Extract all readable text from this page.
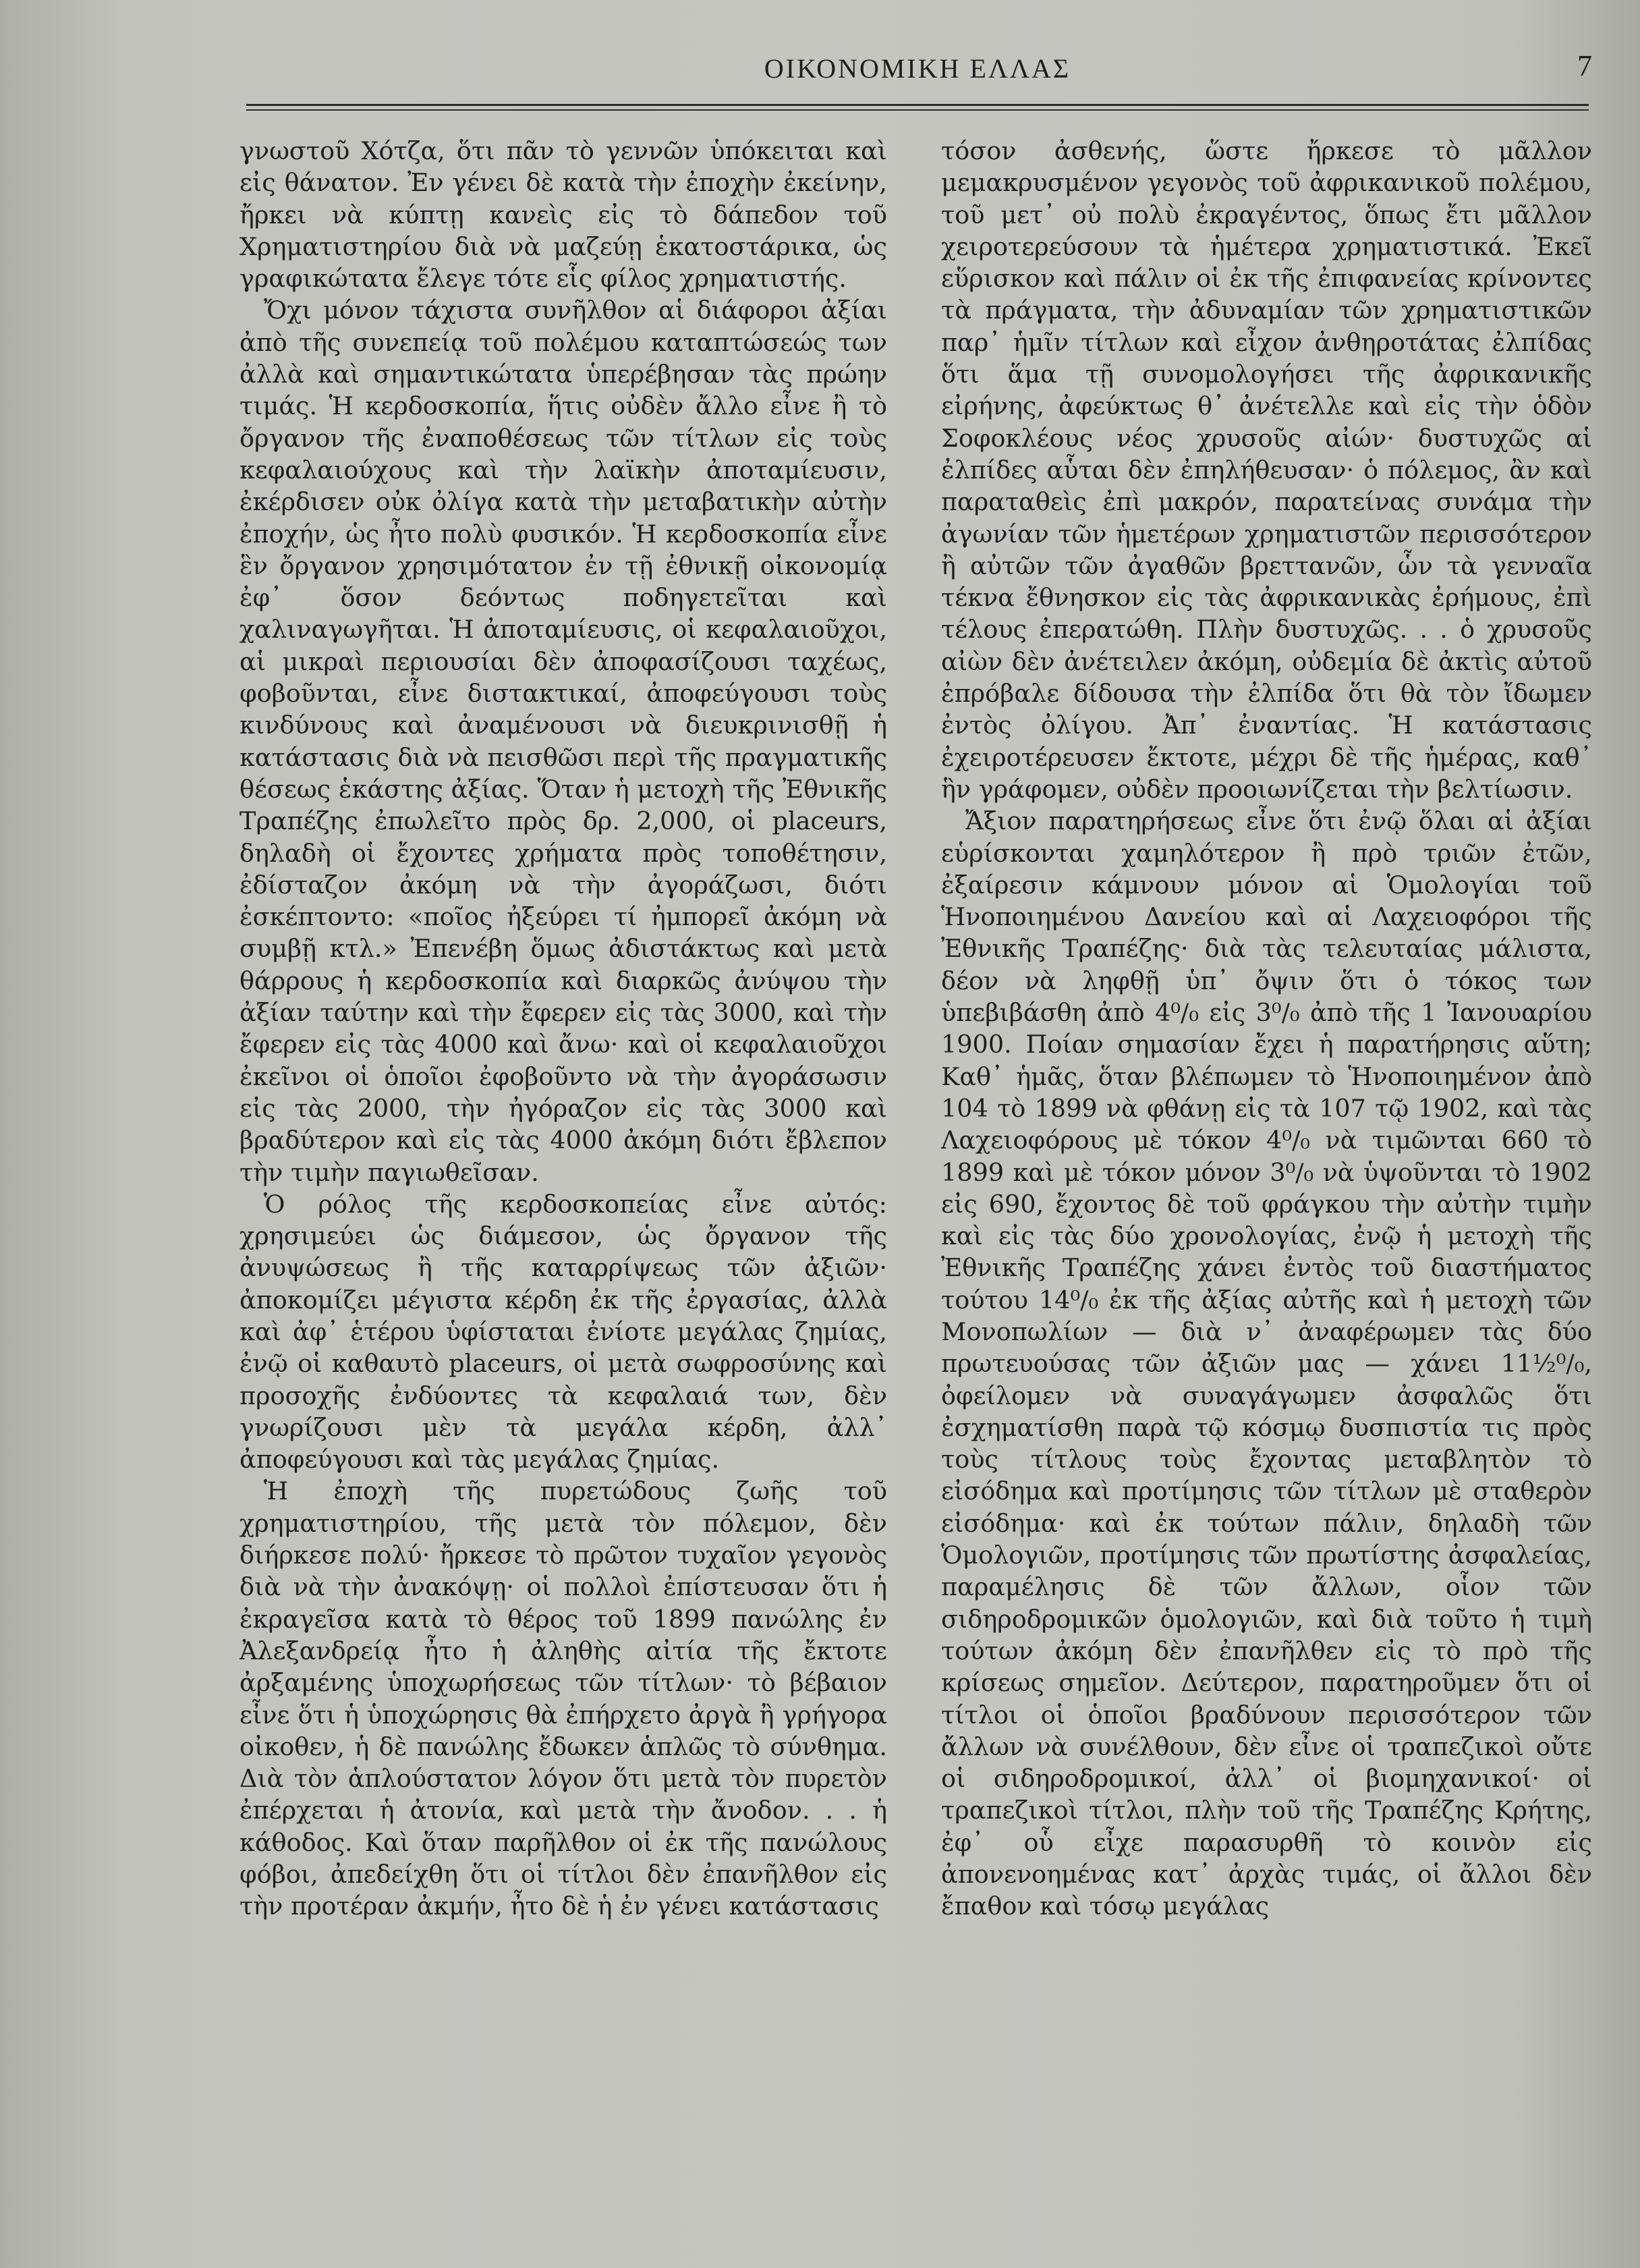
ΟΙΚΟΝΟΜΙΚΗ ΕΛΛΑΣ	7

γνωστοῦ Χότζα, ὅτι πᾶν τὸ γεννῶν ὑπόκειται καὶ εἰς θάνατον. Ἐν γένει δὲ κατὰ τὴν ἐποχὴν ἐκείνην, ἤρκει νὰ κύπτῃ κανεὶς εἰς τὸ δάπεδον τοῦ Χρηματιστηρίου διὰ νὰ μαζεύῃ ἑκατοστάρικα, ὡς γραφικώτατα ἔλεγε τότε εἷς φίλος χρηματιστής.

Ὄχι μόνον τάχιστα συνῆλθον αἱ διάφοροι ἀξίαι ἀπὸ τῆς συνεπείᾳ τοῦ πολέμου καταπτώσεώς των ἀλλὰ καὶ σημαντικώτατα ὑπερέβησαν τὰς πρώην τιμάς. Ἡ κερδοσκοπία, ἥτις οὐδὲν ἄλλο εἶνε ἢ τὸ ὄργανον τῆς ἐναποθέσεως τῶν τίτλων εἰς τοὺς κεφαλαιούχους καὶ τὴν λαϊκὴν ἀποταμίευσιν, ἐκέρδισεν οὐκ ὀλίγα κατὰ τὴν μεταβατικὴν αὐτὴν ἐποχήν, ὡς ἦτο πολὺ φυσικόν. Ἡ κερδοσκοπία εἶνε ἓν ὄργανον χρησιμότατον ἐν τῇ ἐθνικῇ οἰκονομίᾳ ἐφ᾽ ὅσον δεόντως ποδηγετεῖται καὶ χαλιναγωγῆται. Ἡ ἀποταμίευσις, οἱ κεφαλαιοῦχοι, αἱ μικραὶ περιουσίαι δὲν ἀποφασίζουσι ταχέως, φοβοῦνται, εἶνε διστακτικαί, ἀποφεύγουσι τοὺς κινδύνους καὶ ἀναμένουσι νὰ διευκρινισθῇ ἡ κατάστασις διὰ νὰ πεισθῶσι περὶ τῆς πραγματικῆς θέσεως ἑκάστης ἀξίας. Ὅταν ἡ μετοχὴ τῆς Ἐθνικῆς Τραπέζης ἐπωλεῖτο πρὸς δρ. 2,000, οἱ placeurs, δηλαδὴ οἱ ἔχοντες χρήματα πρὸς τοποθέτησιν, ἐδίσταζον ἀκόμη νὰ τὴν ἀγοράζωσι, διότι ἐσκέπτοντο: «ποῖος ἠξεύρει τί ἠμπορεῖ ἀκόμη νὰ συμβῇ κτλ.» Ἐπενέβη ὅμως ἀδιστάκτως καὶ μετὰ θάρρους ἡ κερδοσκοπία καὶ διαρκῶς ἀνύψου τὴν ἀξίαν ταύτην καὶ τὴν ἔφερεν εἰς τὰς 3000, καὶ τὴν ἔφερεν εἰς τὰς 4000 καὶ ἄνω· καὶ οἱ κεφαλαιοῦχοι ἐκεῖνοι οἱ ὁποῖοι ἐφοβοῦντο νὰ τὴν ἀγοράσωσιν εἰς τὰς 2000, τὴν ἠγόραζον εἰς τὰς 3000 καὶ βραδύτερον καὶ εἰς τὰς 4000 ἀκόμη διότι ἔβλεπον τὴν τιμὴν παγιωθεῖσαν.

Ὁ ρόλος τῆς κερδοσκοπείας εἶνε αὐτός: χρησιμεύει ὡς διάμεσον, ὡς ὄργανον τῆς ἀνυψώσεως ἢ τῆς καταρρίψεως τῶν ἀξιῶν· ἀποκομίζει μέγιστα κέρδη ἐκ τῆς ἐργασίας, ἀλλὰ καὶ ἀφ᾽ ἑτέρου ὑφίσταται ἐνίοτε μεγάλας ζημίας, ἐνῷ οἱ καθαυτὸ placeurs, οἱ μετὰ σωφροσύνης καὶ προσοχῆς ἐνδύοντες τὰ κεφαλαιά των, δὲν γνωρίζουσι μὲν τὰ μεγάλα κέρδη, ἀλλ᾽ ἀποφεύγουσι καὶ τὰς μεγάλας ζημίας.

Ἡ ἐποχὴ τῆς πυρετώδους ζωῆς τοῦ χρηματιστηρίου, τῆς μετὰ τὸν πόλεμον, δὲν διήρκεσε πολύ· ἤρκεσε τὸ πρῶτον τυχαῖον γεγονὸς διὰ νὰ τὴν ἀνακόψῃ· οἱ πολλοὶ ἐπίστευσαν ὅτι ἡ ἐκραγεῖσα κατὰ τὸ θέρος τοῦ 1899 πανώλης ἐν Ἀλεξανδρείᾳ ἦτο ἡ ἀληθὴς αἰτία τῆς ἔκτοτε ἀρξαμένης ὑποχωρήσεως τῶν τίτλων· τὸ βέβαιον εἶνε ὅτι ἡ ὑποχώρησις θὰ ἐπήρχετο ἀργὰ ἢ γρήγορα οἰκοθεν, ἡ δὲ πανώλης ἔδωκεν ἁπλῶς τὸ σύνθημα. Διὰ τὸν ἁπλούστατον λόγον ὅτι μετὰ τὸν πυρετὸν ἐπέρχεται ἡ ἀτονία, καὶ μετὰ τὴν ἄνοδον. . . ἡ κάθοδος. Καὶ ὅταν παρῆλθον οἱ ἐκ τῆς πανώλους φόβοι, ἀπεδείχθη ὅτι οἱ τίτλοι δὲν ἐπανῆλθον εἰς τὴν προτέραν ἀκμήν, ἦτο δὲ ἡ ἐν γένει κατάστασις

τόσον ἀσθενής, ὥστε ἤρκεσε τὸ μᾶλλον μεμακρυσμένον γεγονὸς τοῦ ἀφρικανικοῦ πολέμου, τοῦ μετ᾽ οὐ πολὺ ἐκραγέντος, ὅπως ἔτι μᾶλλον χειροτερεύσουν τὰ ἡμέτερα χρηματιστικά. Ἐκεῖ εὕρισκον καὶ πάλιν οἱ ἐκ τῆς ἐπιφανείας κρίνοντες τὰ πράγματα, τὴν ἀδυναμίαν τῶν χρηματιστικῶν παρ᾽ ἡμῖν τίτλων καὶ εἶχον ἀνθηροτάτας ἐλπίδας ὅτι ἅμα τῇ συνομολογήσει τῆς ἀφρικανικῆς εἰρήνης, ἀφεύκτως θ᾽ ἀνέτελλε καὶ εἰς τὴν ὁδὸν Σοφοκλέους νέος χρυσοῦς αἰών· δυστυχῶς αἱ ἐλπίδες αὗται δὲν ἐπηλήθευσαν· ὁ πόλεμος, ἂν καὶ παραταθεὶς ἐπὶ μακρόν, παρατείνας συνάμα τὴν ἀγωνίαν τῶν ἡμετέρων χρηματιστῶν περισσότερον ἢ αὐτῶν τῶν ἀγαθῶν βρεττανῶν, ὧν τὰ γενναῖα τέκνα ἔθνησκον εἰς τὰς ἀφρικανικὰς ἐρήμους, ἐπὶ τέλους ἐπερατώθη. Πλὴν δυστυχῶς. . . ὁ χρυσοῦς αἰὼν δὲν ἀνέτειλεν ἀκόμη, οὐδεμία δὲ ἀκτὶς αὐτοῦ ἐπρόβαλε δίδουσα τὴν ἐλπίδα ὅτι θὰ τὸν ἴδωμεν ἐντὸς ὀλίγου. Ἀπ᾽ ἐναντίας. Ἡ κατάστασις ἐχειροτέρευσεν ἔκτοτε, μέχρι δὲ τῆς ἡμέρας, καθ᾽ ἣν γράφομεν, οὐδὲν προοιωνίζεται τὴν βελτίωσιν.

Ἄξιον παρατηρήσεως εἶνε ὅτι ἐνῷ ὅλαι αἱ ἀξίαι εὑρίσκονται χαμηλότερον ἢ πρὸ τριῶν ἐτῶν, ἐξαίρεσιν κάμνουν μόνον αἱ Ὁμολογίαι τοῦ Ἡνοποιημένου Δανείου καὶ αἱ Λαχειοφόροι τῆς Ἐθνικῆς Τραπέζης· διὰ τὰς τελευταίας μάλιστα, δέον νὰ ληφθῇ ὑπ᾽ ὄψιν ὅτι ὁ τόκος των ὑπεβιβάσθη ἀπὸ 4⁰/₀ εἰς 3⁰/₀ ἀπὸ τῆς 1 Ἰανουαρίου 1900. Ποίαν σημασίαν ἔχει ἡ παρατήρησις αὕτη; Καθ᾽ ἡμᾶς, ὅταν βλέπωμεν τὸ Ἡνοποιημένον ἀπὸ 104 τὸ 1899 νὰ φθάνῃ εἰς τὰ 107 τῷ 1902, καὶ τὰς Λαχειοφόρους μὲ τόκον 4⁰/₀ νὰ τιμῶνται 660 τὸ 1899 καὶ μὲ τόκον μόνον 3⁰/₀ νὰ ὑψοῦνται τὸ 1902 εἰς 690, ἔχοντος δὲ τοῦ φράγκου τὴν αὐτὴν τιμὴν καὶ εἰς τὰς δύο χρονολογίας, ἐνῷ ἡ μετοχὴ τῆς Ἐθνικῆς Τραπέζης χάνει ἐντὸς τοῦ διαστήματος τούτου 14⁰/₀ ἐκ τῆς ἀξίας αὐτῆς καὶ ἡ μετοχὴ τῶν Μονοπωλίων — διὰ ν᾽ ἀναφέρωμεν τὰς δύο πρωτευούσας τῶν ἀξιῶν μας — χάνει 11½⁰/₀, ὀφείλομεν νὰ συναγάγωμεν ἀσφαλῶς ὅτι ἐσχηματίσθη παρὰ τῷ κόσμῳ δυσπιστία τις πρὸς τοὺς τίτλους τοὺς ἔχοντας μεταβλητὸν τὸ εἰσόδημα καὶ προτίμησις τῶν τίτλων μὲ σταθερὸν εἰσόδημα· καὶ ἐκ τούτων πάλιν, δηλαδὴ τῶν Ὁμολογιῶν, προτίμησις τῶν πρωτίστης ἀσφαλείας, παραμέλησις δὲ τῶν ἄλλων, οἷον τῶν σιδηροδρομικῶν ὁμολογιῶν, καὶ διὰ τοῦτο ἡ τιμὴ τούτων ἀκόμη δὲν ἐπανῆλθεν εἰς τὸ πρὸ τῆς κρίσεως σημεῖον. Δεύτερον, παρατηροῦμεν ὅτι οἱ τίτλοι οἱ ὁποῖοι βραδύνουν περισσότερον τῶν ἄλλων νὰ συνέλθουν, δὲν εἶνε οἱ τραπεζικοὶ οὔτε οἱ σιδηροδρομικοί, ἀλλ᾽ οἱ βιομηχανικοί· οἱ τραπεζικοὶ τίτλοι, πλὴν τοῦ τῆς Τραπέζης Κρήτης, ἐφ᾽ οὗ εἶχε παρασυρθῆ τὸ κοινὸν εἰς ἀπονενοημένας κατ᾽ ἀρχὰς τιμάς, οἱ ἄλλοι δὲν ἔπαθον καὶ τόσῳ μεγάλας
